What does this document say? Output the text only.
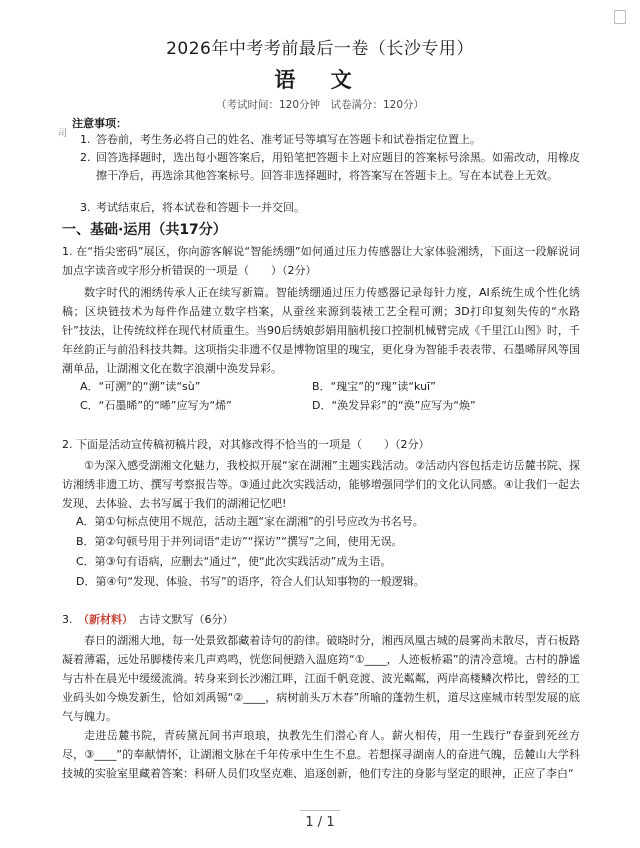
2026年中考考前最后一卷（长沙专用）
语 文
（考试时间：120分钟　试卷满分：120分）
注意事项：
司 1. 答卷前，考生务必将自己的姓名、准考证号等填写在答题卡和试卷指定位置上。
2. 回答选择题时，选出每小题答案后，用铅笔把答题卡上对应题目的答案标号涂黑。如需改动，用橡皮擦干净后，再选涂其他答案标号。回答非选择题时，将答案写在答题卡上。写在本试卷上无效。
3. 考试结束后，将本试卷和答题卡一并交回。
一、基础·运用（共17分）
1. 在“指尖密码”展区，你向游客解说“智能绣绷”如何通过压力传感器让大家体验湘绣，下面这一段解说词加点字读音或字形分析错误的一项是（　　）（2分）
数字时代的湘绣传承人正在续写新篇。智能绣绷通过压力传感器记录每针力度，AI系统生成个性化绣稿；区块链技术为每件作品建立数字档案，从蚕丝来源到装裱工艺全程可溯；3D打印复刻失传的“水路针”技法，让传统纹样在现代材质重生。当90后绣娘彭娟用脑机接口控制机械臂完成《千里江山图》时，千年丝韵正与前沿科技共舞。这项指尖非遗不仅是博物馆里的瑰宝，更化身为智能手表表带、石墨晞屏风等国潮单品，让湖湘文化在数字浪潮中涣发异彩。
A．“可溯”的“溯”读“sù”	B．“瑰宝”的“瑰”读“kuī”
C．“石墨晞”的“晞”应写为“烯”	D．“涣发异彩”的“涣”应写为“焕”
2. 下面是活动宣传稿初稿片段，对其修改得不恰当的一项是（　　）（2分）
①为深入感受湖湘文化魅力，我校拟开展“家在湖湘”主题实践活动。②活动内容包括走访岳麓书院、探访湘绣非遗工坊、撰写考察报告等。③通过此次实践活动，能够增强同学们的文化认同感。④让我们一起去发现、去体验、去书写属于我们的湖湘记忆吧!
A．第①句标点使用不规范，活动主题“家在湖湘”的引号应改为书名号。
B．第②句顿号用于并列词语“走访”“探访”“撰写”之间，使用无误。
C．第③句有语病，应删去“通过”，使“此次实践活动”成为主语。
D．第④句“发现、体验、书写”的语序，符合人们认知事物的一般逻辑。
3.　（新材料）　 古诗文默写（6分）
春日的湖湘大地，每一处景致都藏着诗句的韵律。破晓时分，湘西凤凰古城的晨雾尚未散尽，青石板路凝着薄霜，远处吊脚楼传来几声鸡鸣，恍您间便踏入温庭筠“①____，人迹板桥霜”的清冷意境。古村的静谧与古朴在晨光中缓缓流淌。转身来到长沙湘江畔，江面千帆竞渡、波光粼粼，两岸高楼鳞次栉比，曾经的工业码头如今焕发新生，恰如刘禹锡“②____，病树前头万木春”所喻的蓬勃生机，道尽这座城市转型发展的底气与魄力。
走进岳麓书院，青砖黛瓦间书声琅琅，执教先生们潜心育人。薪火相传，用一生践行“春蚕到死丝方尽，③____”的奉献情怀，让湖湘文脉在千年传承中生生不息。若想探寻湖南人的奋进气魄，岳麓山大学科技城的实验室里藏着答案：科研人员们攻坚克难、追逐创新，他们专注的身影与坚定的眼神，正应了李白“
1 / 1
